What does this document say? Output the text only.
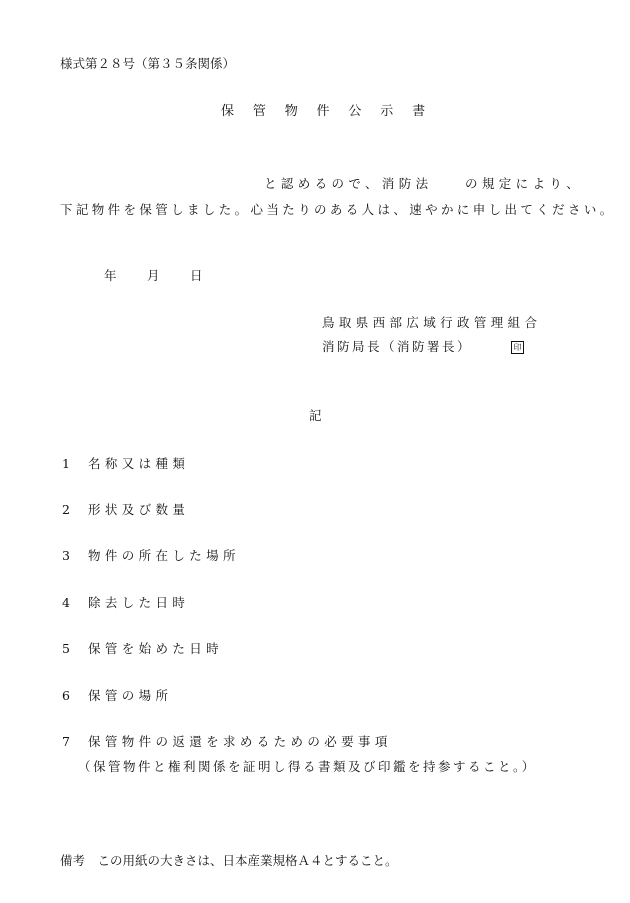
様式第２８号（第３５条関係）
保管物件公示書
と認めるので、消防法	の規定により、
下記物件を保管しました。心当たりのある人は、速やかに申し出てください。
年 月 日
鳥取県西部広域行政管理組合
消防局長（消防署長）	印
記
1 名称又は種類
2 形状及び数量
3 物件の所在した場所
4 除去した日時
5 保管を始めた日時
6 保管の場所
7 保管物件の返還を求めるための必要事項
（保管物件と権利関係を証明し得る書類及び印鑑を持参すること。）
備考　この用紙の大きさは、日本産業規格Ａ４とすること。
